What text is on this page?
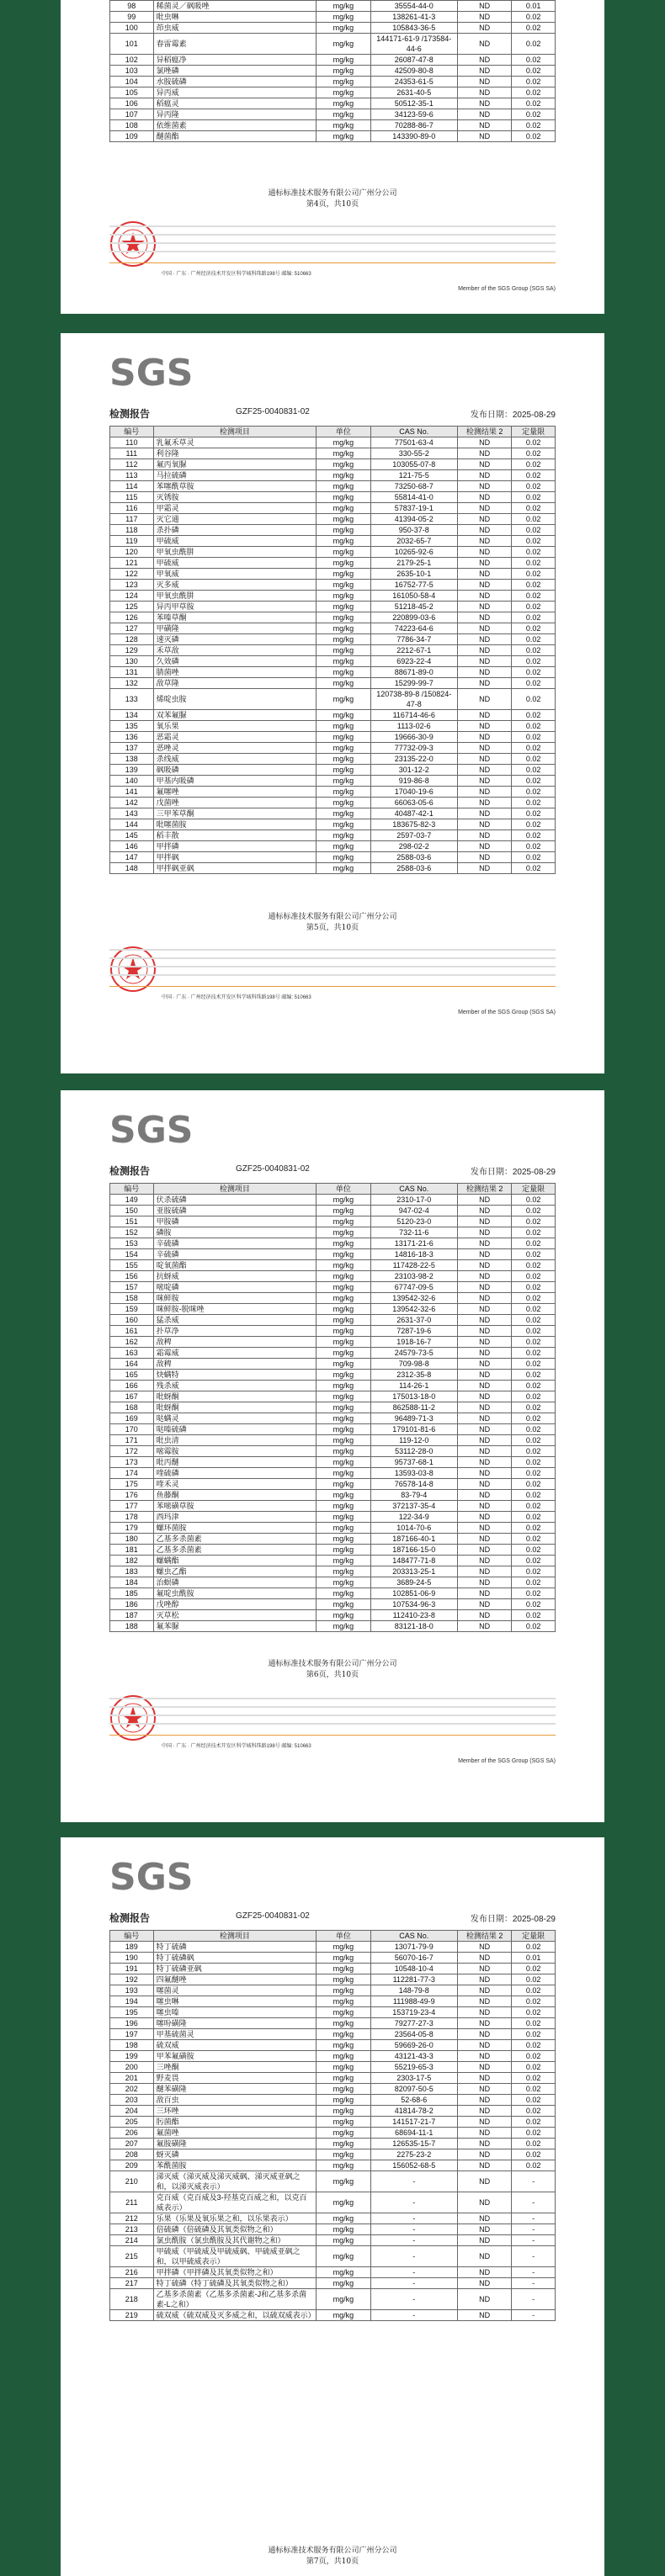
98	稀菌灵／砜吸唑	mg/kg	35554-44-0	ND	0.01
99	吡虫啉	mg/kg	138261-41-3	ND	0.02
100	茚虫威	mg/kg	105843-36-5	ND	0.02
101	春雷霉素	mg/kg	144171-61-9 /173584-44-6	ND	0.02
102	异稻瘟净	mg/kg	26087-47-8	ND	0.02
103	氯唑磷	mg/kg	42509-80-8	ND	0.02
104	水胺硫磷	mg/kg	24353-61-5	ND	0.02
105	异丙威	mg/kg	2631-40-5	ND	0.02
106	稻瘟灵	mg/kg	50512-35-1	ND	0.02
107	异丙隆	mg/kg	34123-59-6	ND	0.02
108	依维菌素	mg/kg	70288-86-7	ND	0.02
109	醚菌酯	mg/kg	143390-89-0	ND	0.02
通标标准技术服务有限公司广州分公司
第4页，共10页
中国 · 广东 · 广州经济技术开发区科学城科珠路198号 邮编: 510663
Member of the SGS Group (SGS SA)
SGS
检测报告	GZF25-0040831-02	发布日期：2025-08-29
编号	检测项目	单位	CAS No.	检测结果 2	定量限
110	乳氟禾草灵	mg/kg	77501-63-4	ND	0.02
111	利谷隆	mg/kg	330-55-2	ND	0.02
112	氟丙氧脲	mg/kg	103055-07-8	ND	0.02
113	马拉硫磷	mg/kg	121-75-5	ND	0.02
114	苯噻酰草胺	mg/kg	73250-68-7	ND	0.02
115	灭锈胺	mg/kg	55814-41-0	ND	0.02
116	甲霜灵	mg/kg	57837-19-1	ND	0.02
117	灭它通	mg/kg	41394-05-2	ND	0.02
118	杀扑磷	mg/kg	950-37-8	ND	0.02
119	甲硫威	mg/kg	2032-65-7	ND	0.02
120	甲氧虫酰肼	mg/kg	10265-92-6	ND	0.02
121	甲硫威	mg/kg	2179-25-1	ND	0.02
122	甲氧威	mg/kg	2635-10-1	ND	0.02
123	灭多威	mg/kg	16752-77-5	ND	0.02
124	甲氧虫酰肼	mg/kg	161050-58-4	ND	0.02
125	异丙甲草胺	mg/kg	51218-45-2	ND	0.02
126	苯嗪草酮	mg/kg	220899-03-6	ND	0.02
127	甲磺隆	mg/kg	74223-64-6	ND	0.02
128	速灭磷	mg/kg	7786-34-7	ND	0.02
129	禾草敌	mg/kg	2212-67-1	ND	0.02
130	久效磷	mg/kg	6923-22-4	ND	0.02
131	腈菌唑	mg/kg	88671-89-0	ND	0.02
132	敌草隆	mg/kg	15299-99-7	ND	0.02
133	烯啶虫胺	mg/kg	120738-89-8 /150824-47-8	ND	0.02
134	双苯氟脲	mg/kg	116714-46-6	ND	0.02
135	氧乐果	mg/kg	1113-02-6	ND	0.02
136	恶霜灵	mg/kg	19666-30-9	ND	0.02
137	恶唑灵	mg/kg	77732-09-3	ND	0.02
138	杀线威	mg/kg	23135-22-0	ND	0.02
139	砜吸磷	mg/kg	301-12-2	ND	0.02
140	甲基内吸磷	mg/kg	919-86-8	ND	0.02
141	氟噻唑	mg/kg	17040-19-6	ND	0.02
142	戊菌唑	mg/kg	66063-05-6	ND	0.02
143	三甲苯草酮	mg/kg	40487-42-1	ND	0.02
144	吡噻菌胺	mg/kg	183675-82-3	ND	0.02
145	稻丰散	mg/kg	2597-03-7	ND	0.02
146	甲拌磷	mg/kg	298-02-2	ND	0.02
147	甲拌砜	mg/kg	2588-03-6	ND	0.02
148	甲拌砜亚砜	mg/kg	2588-03-6	ND	0.02
通标标准技术服务有限公司广州分公司
第5页，共10页
中国 · 广东 · 广州经济技术开发区科学城科珠路198号 邮编: 510663
Member of the SGS Group (SGS SA)
SGS
检测报告	GZF25-0040831-02	发布日期：2025-08-29
编号	检测项目	单位	CAS No.	检测结果 2	定量限
149	伏杀硫磷	mg/kg	2310-17-0	ND	0.02
150	亚胺硫磷	mg/kg	947-02-4	ND	0.02
151	甲胺磷	mg/kg	5120-23-0	ND	0.02
152	磷胺	mg/kg	732-11-6	ND	0.02
153	辛硫磷	mg/kg	13171-21-6	ND	0.02
154	辛硫磷	mg/kg	14816-18-3	ND	0.02
155	啶氧菌酯	mg/kg	117428-22-5	ND	0.02
156	抗蚜威	mg/kg	23103-98-2	ND	0.02
157	嘧啶磷	mg/kg	67747-09-5	ND	0.02
158	咪鲜胺	mg/kg	139542-32-6	ND	0.02
159	咪鲜胺-脱咪唑	mg/kg	139542-32-6	ND	0.02
160	猛杀威	mg/kg	2631-37-0	ND	0.02
161	扑草净	mg/kg	7287-19-6	ND	0.02
162	敌稗	mg/kg	1918-16-7	ND	0.02
163	霜霉威	mg/kg	24579-73-5	ND	0.02
164	敌稗	mg/kg	709-98-8	ND	0.02
165	炔螨特	mg/kg	2312-35-8	ND	0.02
166	残杀威	mg/kg	114-26-1	ND	0.02
167	吡蚜酮	mg/kg	175013-18-0	ND	0.02
168	吡蚜酮	mg/kg	862588-11-2	ND	0.02
169	哒螨灵	mg/kg	96489-71-3	ND	0.02
170	哒嗪硫磷	mg/kg	179101-81-6	ND	0.02
171	吡虫清	mg/kg	119-12-0	ND	0.02
172	嘧霉胺	mg/kg	53112-28-0	ND	0.02
173	吡丙醚	mg/kg	95737-68-1	ND	0.02
174	喹硫磷	mg/kg	13593-03-8	ND	0.02
175	喹禾灵	mg/kg	76578-14-8	ND	0.02
176	鱼藤酮	mg/kg	83-79-4	ND	0.02
177	苯嘧磺草胺	mg/kg	372137-35-4	ND	0.02
178	西玛津	mg/kg	122-34-9	ND	0.02
179	螺环菌胺	mg/kg	1014-70-6	ND	0.02
180	乙基多杀菌素	mg/kg	187166-40-1	ND	0.02
181	乙基多杀菌素	mg/kg	187166-15-0	ND	0.02
182	螺螨酯	mg/kg	148477-71-8	ND	0.02
183	螺虫乙酯	mg/kg	203313-25-1	ND	0.02
184	治螟磷	mg/kg	3689-24-5	ND	0.02
185	氟啶虫酰胺	mg/kg	102851-06-9	ND	0.02
186	戊唑醇	mg/kg	107534-96-3	ND	0.02
187	灭草松	mg/kg	112410-23-8	ND	0.02
188	氟苯脲	mg/kg	83121-18-0	ND	0.02
通标标准技术服务有限公司广州分公司
第6页，共10页
中国 · 广东 · 广州经济技术开发区科学城科珠路198号 邮编: 510663
Member of the SGS Group (SGS SA)
SGS
检测报告	GZF25-0040831-02	发布日期：2025-08-29
编号	检测项目	单位	CAS No.	检测结果 2	定量限
189	特丁硫磷	mg/kg	13071-79-9	ND	0.02
190	特丁硫磷砜	mg/kg	56070-16-7	ND	0.01
191	特丁硫磷亚砜	mg/kg	10548-10-4	ND	0.02
192	四氟醚唑	mg/kg	112281-77-3	ND	0.02
193	噻菌灵	mg/kg	148-79-8	ND	0.02
194	噻虫啉	mg/kg	111988-49-9	ND	0.02
195	噻虫嗪	mg/kg	153719-23-4	ND	0.02
196	噻吩磺隆	mg/kg	79277-27-3	ND	0.02
197	甲基硫菌灵	mg/kg	23564-05-8	ND	0.02
198	硫双威	mg/kg	59669-26-0	ND	0.02
199	甲苯氟磺胺	mg/kg	43121-43-3	ND	0.02
200	三唑酮	mg/kg	55219-65-3	ND	0.02
201	野麦畏	mg/kg	2303-17-5	ND	0.02
202	醚苯磺隆	mg/kg	82097-50-5	ND	0.02
203	敌百虫	mg/kg	52-68-6	ND	0.02
204	三环唑	mg/kg	41814-78-2	ND	0.02
205	肟菌酯	mg/kg	141517-21-7	ND	0.02
206	氟菌唑	mg/kg	68694-11-1	ND	0.02
207	氟胺磺隆	mg/kg	126535-15-7	ND	0.02
208	蚜灭磷	mg/kg	2275-23-2	ND	0.02
209	苯酰菌胺	mg/kg	156052-68-5	ND	0.02
210	涕灭威（涕灭威及涕灭威砜、涕灭威亚砜之和，以涕灭威表示）	mg/kg	-	ND	-
211	克百威（克百威及3-羟基克百威之和，以克百威表示）	mg/kg	-	ND	-
212	乐果（乐果及氧乐果之和，以乐果表示）	mg/kg	-	ND	-
213	倍硫磷（倍硫磷及其氧类似物之和）	mg/kg	-	ND	-
214	氯虫酰胺（氯虫酰胺及其代谢物之和）	mg/kg	-	ND	-
215	甲硫威（甲硫威及甲硫威砜、甲硫威亚砜之和，以甲硫威表示）	mg/kg	-	ND	-
216	甲拌磷（甲拌磷及其氧类似物之和）	mg/kg	-	ND	-
217	特丁硫磷（特丁硫磷及其氧类似物之和）	mg/kg	-	ND	-
218	乙基多杀菌素（乙基多杀菌素-J和乙基多杀菌素-L之和）	mg/kg	-	ND	-
219	硫双威（硫双威及灭多威之和，以硫双威表示）	mg/kg	-	ND	-
通标标准技术服务有限公司广州分公司
第7页，共10页
